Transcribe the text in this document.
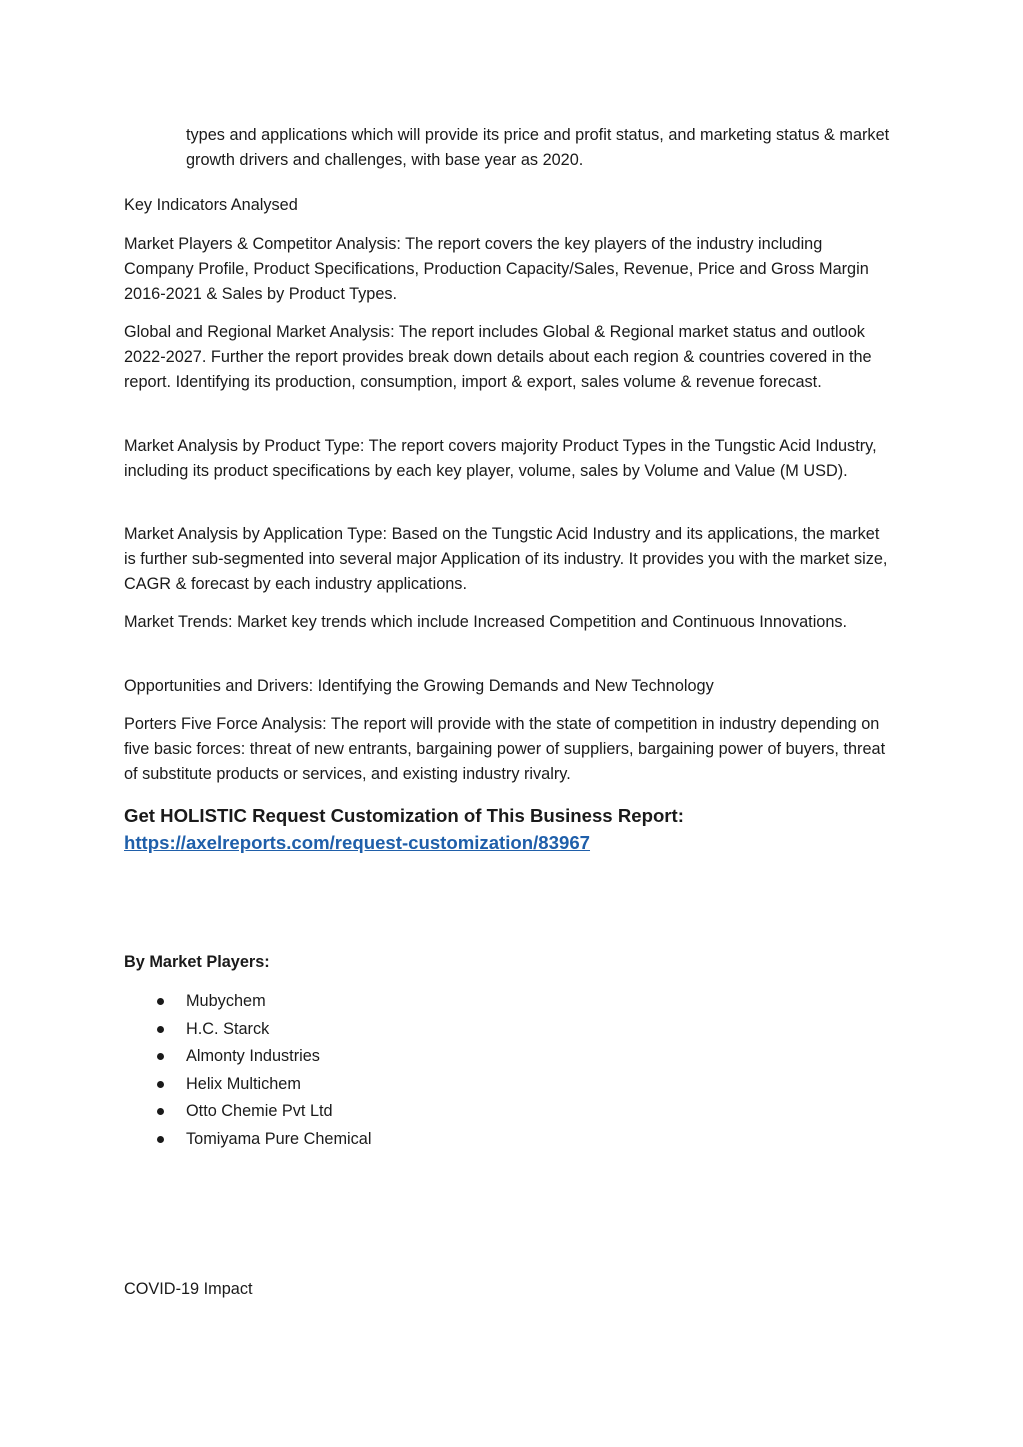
types and applications which will provide its price and profit status, and marketing status & market growth drivers and challenges, with base year as 2020.

Key Indicators Analysed

Market Players & Competitor Analysis: The report covers the key players of the industry including Company Profile, Product Specifications, Production Capacity/Sales, Revenue, Price and Gross Margin 2016-2021 & Sales by Product Types.

Global and Regional Market Analysis: The report includes Global & Regional market status and outlook 2022-2027. Further the report provides break down details about each region & countries covered in the report. Identifying its production, consumption, import & export, sales volume & revenue forecast.

Market Analysis by Product Type: The report covers majority Product Types in the Tungstic Acid Industry, including its product specifications by each key player, volume, sales by Volume and Value (M USD).

Market Analysis by Application Type: Based on the Tungstic Acid Industry and its applications, the market is further sub-segmented into several major Application of its industry. It provides you with the market size, CAGR & forecast by each industry applications.

Market Trends: Market key trends which include Increased Competition and Continuous Innovations.

Opportunities and Drivers: Identifying the Growing Demands and New Technology

Porters Five Force Analysis: The report will provide with the state of competition in industry depending on five basic forces: threat of new entrants, bargaining power of suppliers, bargaining power of buyers, threat of substitute products or services, and existing industry rivalry.

Get HOLISTIC Request Customization of This Business Report:
https://axelreports.com/request-customization/83967

By Market Players:

Mubychem
H.C. Starck
Almonty Industries
Helix Multichem
Otto Chemie Pvt Ltd
Tomiyama Pure Chemical

COVID-19 Impact
